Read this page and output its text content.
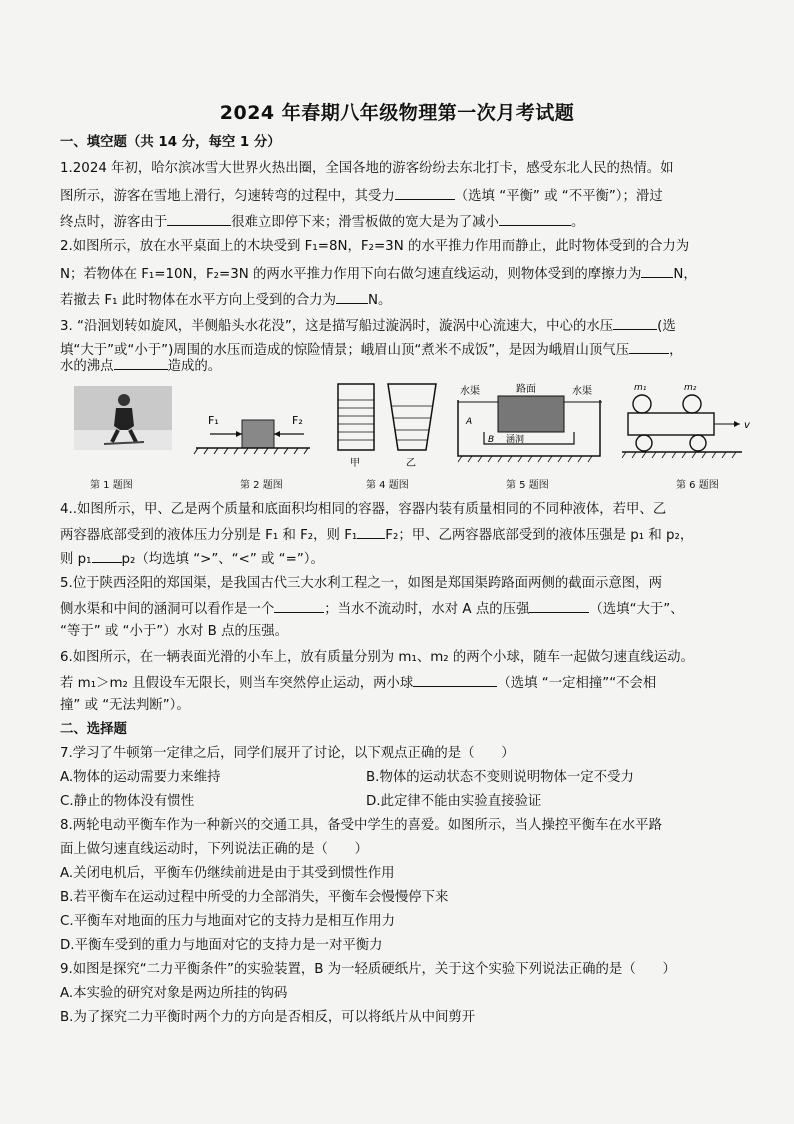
2024 年春期八年级物理第一次月考试题
一、填空题（共 14 分，每空 1 分）
1.2024 年初，哈尔滨冰雪大世界火热出圈，全国各地的游客纷纷去东北打卡，感受东北人民的热情。如
图所示，游客在雪地上滑行，匀速转弯的过程中，其受力	（选填 “平衡” 或 “不平衡”）；滑过
终点时，游客由于	很难立即停下来；滑雪板做的宽大是为了减小	。
2.如图所示，放在水平桌面上的木块受到 F₁=8N，F₂=3N 的水平推力作用而静止，此时物体受到的合力为
N；若物体在 F₁=10N，F₂=3N 的两水平推力作用下向右做匀速直线运动，则物体受到的摩擦力为 N，
若撤去 F₁ 此时物体在水平方向上受到的合力为 N。
3. “沿洄划转如旋风，半侧船头水花没”，这是描写船过漩涡时，漩涡中心流速大，中心的水压	(选
填“大于”或“小于”)周围的水压而造成的惊险情景；峨眉山顶“煮米不成饭”，是因为峨眉山顶气压	，
水的沸点	造成的。
第 1 题图
F₁	F₂
第 2 题图
甲	乙
第 4 题图
水渠	路面	水渠
A
B 涵洞
第 5 题图
v
m₁	m₂
第 6 题图
4..如图所示，甲、乙是两个质量和底面积均相同的容器，容器内装有质量相同的不同种液体，若甲、乙
两容器底部受到的液体压力分别是 F₁ 和 F₂，则 F₁ F₂；甲、乙两容器底部受到的液体压强是 p₁ 和 p₂，
则 p₁ p₂（均选填 “>”、“<” 或 “=”）。
5.位于陕西泾阳的郑国渠，是我国古代三大水利工程之一，如图是郑国渠跨路面两侧的截面示意图，两
侧水渠和中间的涵洞可以看作是一个	；当水不流动时，水对 A 点的压强	（选填“大于”、
“等于” 或 “小于”）水对 B 点的压强。
6.如图所示，在一辆表面光滑的小车上，放有质量分别为 m₁、m₂ 的两个小球，随车一起做匀速直线运动。
若 m₁＞m₂ 且假设车无限长，则当车突然停止运动，两小球	（选填 “一定相撞”“不会相
撞” 或 “无法判断”）。
二、选择题
7.学习了牛顿第一定律之后，同学们展开了讨论，以下观点正确的是（　　）
A.物体的运动需要力来维持	B.物体的运动状态不变则说明物体一定不受力
C.静止的物体没有惯性	D.此定律不能由实验直接验证
8.两轮电动平衡车作为一种新兴的交通工具，备受中学生的喜爱。如图所示，当人操控平衡车在水平路
面上做匀速直线运动时，下列说法正确的是（　　）
A.关闭电机后，平衡车仍继续前进是由于其受到惯性作用
B.若平衡车在运动过程中所受的力全部消失，平衡车会慢慢停下来
C.平衡车对地面的压力与地面对它的支持力是相互作用力
D.平衡车受到的重力与地面对它的支持力是一对平衡力
9.如图是探究“二力平衡条件”的实验装置，B 为一轻质硬纸片，关于这个实验下列说法正确的是（　　）
A.本实验的研究对象是两边所挂的钩码
B.为了探究二力平衡时两个力的方向是否相反，可以将纸片从中间剪开
